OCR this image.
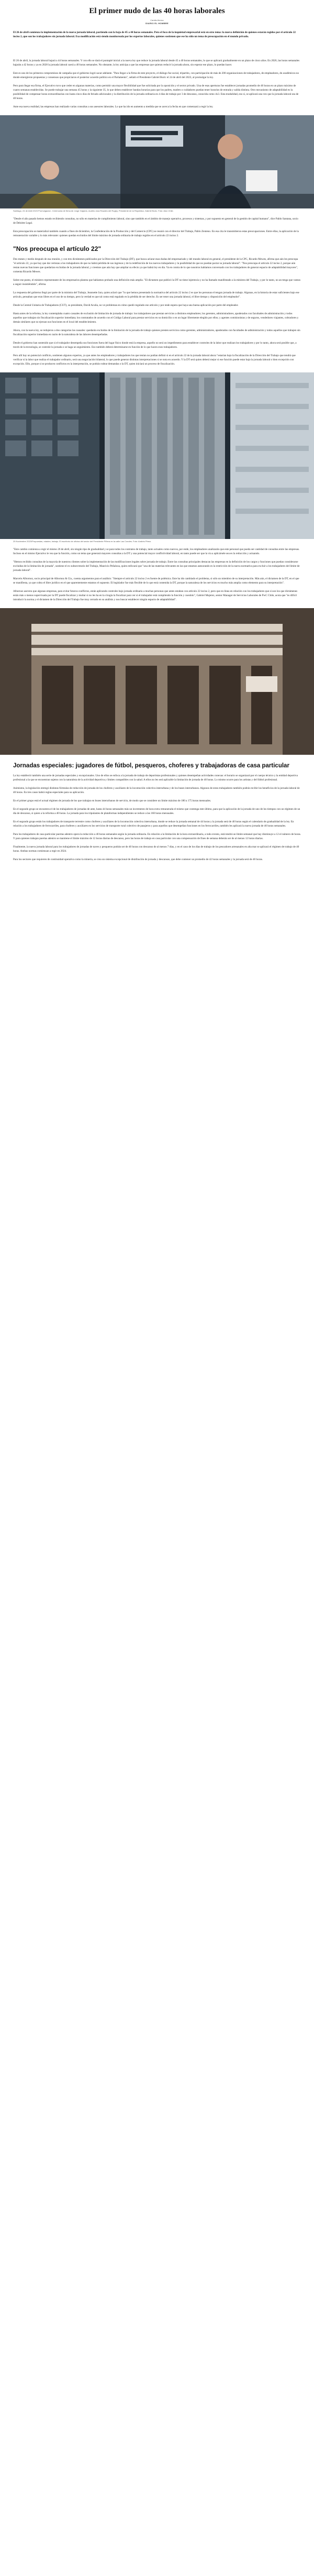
El primer nudo de las 40 horas laborales
Camila Alonso
DIARIO EL HOMBRE

El 26 de abril comienza la implementación de la nueva jornada laboral, partiendo con la baja de 45 a 44 horas semanales. Pero el foco de la inquietud empresarial está en otro tema: la nueva definición de quienes estarán regidos por el artículo 22 inciso 2, que son los trabajadores sin jornada laboral. Esa modificación está siendo monitoreada por los expertos laborales, quienes sostienen que ese ha sido un tema de preocupación en el mundo privado.

El 26 de abril, la jornada laboral bajará a 44 horas semanales. Y con ello se dará el puntapié inicial a la nueva ley que reduce la jornada laboral desde 45 a 40 horas semanales, lo que se aplicará gradualmente en un plazo de cinco años. En 2026, las horas semanales bajarán a 42 horas y ya en 2028 la jornada laboral caerá a 40 horas semanales. No obstante, la ley anticipa a que las empresas que quieran reducir la jornada ahora, sin esperar ese plazo, lo puedan hacer.

Este es uno de los primeros compromisos de campaña que el gobierno logró sacar adelante. "Para llegar a la firma de este proyecto, el diálogo fue social, tripartito, con participación de más de 200 organizaciones de trabajadores, de empleadores, de académicos no donde emergieron propuestas y consensos que propiciaron el posterior acuerdo político en el Parlamento", señaló el Presidente Gabriel Boric el 24 de abril del 2023, al promulgar la ley.

Pero para llegar esa firma, el Ejecutivo tuvo que ceder en algunas materias, como permitir una mayor flexibilidad que fue solicitada por la oposición y el sector privado. Una de esas aperturas fue establecer jornadas promedio de 40 horas en un plazo máximo de cuatro semanas establecidas. Se puede trabajar una semana 45 horas y la siguiente 35, lo que deben establecer bandas horarias para que los padres, madres o cuidadores puedan tener horarios de entrada y salida distinta. Otro mecanismo de adaptabilidad es la posibilidad de compensar horas extraordinarias con hasta cinco días de feriado adicionales y la distribución de la jornada ordinaria en 4 días de trabajo por 3 de descanso, conocida como 4x3. Esta modalidad, eso sí, se aplicará una vez que la jornada laboral sea de 40 horas.

Ante esa nueva realidad, las empresas han realizado varias consultas a sus asesores laborales. Lo que ha ido en aumento a medida que se acerca la fecha en que comenzará a regir la ley.

Santiago, 24 de Abril 2023 Promulgacion. Ceremonia de firma de Jorge Gajardo, Aurelio Jara Rosales del Rugby, Presidente de la República, Gabriel Boric. Foto: Aton Chile.

"Desde el año pasado hemos estado recibiendo consultas, no sólo en materias de cumplimiento laboral, sino que también en el ámbito de manejo operativo, procesos y sistemas, y por supuesto en general de la gestión de capital humano", dice Pablo Santana, socio de Deloitte Legal.

Esta preocupación se materializó también cuando a fines de diciembre, la Confederación de la Producción y del Comercio (CPC) se reunió con el director del Trabajo, Pablo Zenteno. En esa cita le transmitieron estas preocupaciones. Entre ellas, la aplicación de la remuneración variable y lo más relevante: quienes quedan excluidos del límite máximo de jornada ordinaria de trabajo regidos en el artículo 22 inciso 2.

"Nos preocupa el artículo 22"

Dos meses y medio después de esa reunión, y con tres dictámenes publicados por la Dirección del Trabajo (DT), que busca aclarar esas dudas del empresariado y del mundo laboral en general, el presidente de la CPC, Ricardo Mewes, afirma que aún les preocupa "el artículo 22, ya que hay que dar certezas a los trabajadores de que no habrá pérdida de sus ingresos y de la redefinición de los nuevos trabajadores y la posibilidad de que no puedan pactar su jornada laboral". "Nos preocupa el artículo 22 inciso 2, porque aún restan nuevas funciones que quedarían excluidas de la jornada laboral, y creemos que aún hay que ampliar su efecto ya que habrá ley en día. Va en contra de lo que nosotros habíamos conversado con los trabajadores de generar espacio de adaptabilidad mayores", comenta Ricardo Mewes.

Sobre ese punto, el ministro representante de los empresarios plantea que habíamos probado una definición más amplia. "El dictamen que publicó la DT no tiene injerencia y no ha llamado manifestado a la ministra del Trabajo, y por lo tanto, no an tenga que vamos a seguir insistiéndole", afirma.

La respuesta del gobierno llegó por parte de la ministra del Trabajo, Jeannette Jara, quien aclaró que "lo que hemos presentado la normativa del artículo 22 inciso 2 es que los personas el tengan jornada de trabajo. Algunas, en la historia de estar suficientes bajo ese artículo, pensaban que eran libres en el uso de su tiempo, pero la verdad es que tal como está regulado es la pérdida de ser derecho. Es ser tener una jornada laboral, el libre tiempo y disposición del empleador".

Desde la Central Unitaria de Trabajadores (CUT), su presidente, David Acuña, no ve problemas en cómo quedó regulado ese artículo y por ende espera que haya una buena aplicación por parte del empleador.

Hasta antes de la reforma, la ley contemplaba cuatro casuales de exclusión de limitación de jornada de trabajo: los trabajadores que prestan servicios a distintos empleadores; los gerentes, administradores, apoderados con facultades de administración y todos aquellos que trabajan sin fiscalización superior inmediata; los contratados de acuerdo con el Código Laboral para prestar servicios en su domicilio o en un lugar libremente elegido por ellos; y agentes comisionistas y de seguros, vendedores viajantes, cobradores y demás similares que no ejerzan sus funciones en el local del establecimiento.

Ahora, con la nueva ley, se redujeron a dos categorías las causales: quedarán excluidos de la limitación de la jornada de trabajo quienes presten servicios como gerentes, administradores, apoderados con facultades de administración y todos aquellos que trabajen sin fiscalización superior inmediata en razón de la naturaleza de las labores desempeñadas.

Desde el gobierno han sostenido que si el trabajador desempeña sus funciones fuera del lugar físico donde está la empresa, aquello no será un impedimento para establecer controles de la labor que realizan los trabajadores y por lo tanto, ahora será posible que, a través de la tecnología, se controle la jornada o se haga un seguimiento. Eso también deberá determinarse en función de lo que hacen esos trabajadores.

Pero allí hay un potencial conflicto, sostienen algunos expertos, ya que antes los empleadores y trabajadores los que tenían no podían definir si en el artículo 22 de la jornada laboral ahora "estarían bajo la fiscalización de la Dirección del Trabajo que tendrá que verificar si la labor que realiza el trabajador ordinario, será una negociación bilateral, lo que puede generar distintas interpretaciones si se nota en acuerdo. Y la DT será quien deberá mejor si ese función puede estar bajo la jornada laboral o bien excepción con excepción. Ello, porque si se producen conflictos en la interpretación, se podrán rodear demandas o la DT, quien iniciará un proceso de fiscalización.

25 Noviembre 2023/Propuestas, edades, trabajo. El escritorio de oficina del sector del Presidente Piñera en la calle Las Condes. Foto: Andrés Pérez.

"Este cambio comienza a regir el mismo 26 de abril, sin ningún tipo de gradualidad y se para todos los contratos de trabajo, tanto actuales como nuevos, por ende, los empleadores analizarán que este personal que pueda ser cantidad de consultas entre las empresas. Incluso en el mismo Ejecutivo le vea que la función, como un tema que generará mayores consultas a la DT y una potencial mayor conflictividad laboral, en tanto puede ser que la vía a aplicársele sea es la reducción y actuando.

"Hemos recibido consultas de la mayoría de nuestros clientes sobre la implementación de las modificaciones legales sobre jornada de trabajo. Entre las consultas principales destacan las empresas en la definición de los cargos y funciones que puedan considerarse excluidas de la limitación de jornada", sostiene el ex subsecretario del Trabajo, Mauricio Peñaloza, quien enfocará que "una de las materias relevantes en las que estamos asesorando es la restricción de la nueva normativa para excluir a los trabajadores del límite de jornada laboral".

Marcelo Albornoz, socio principal de Albornoz & Cía., cuenta argumentos para el análisis: "Siempre el artículo 22 inciso 2 es fuente de polémica. Este ha ido cambiado el problema, si sólo un miembro de su interpretación. Más aún, el dictamen de la DT, en el que se manifiesta, ya que cobra el libre jurídico en el que aparentemente estamos el supuesto. El legislador fue más flexible de lo que está contenida la DT, porque la naturaleza de los servicios es mucho más amplia como elemento para su interpretación".

Albornoz asevera que algunas empresas, para evitar futuros conflictos, están aplicando controles bajo jornada ordinaria a muchas personas que antes estaban con artículo 22 inciso 2, pero que en línea en relación con los trabajadores que sí son los que dictámenes están más o menos supervisada por la DT puede fiscalizar y multar si no les ha en la cirugía la fiscalizar para ver si el trabajador está cumpliendo la función y cuestión", Gabriel Mujerez, senior Manager de Servicios Laborales de PwC Chile, acota que "es difícil introducir la norma y el dictamen de la Dirección del Trabajo fue muy cerrado en su análisis y nos buscar establecer ningún espacio de adaptabilidad".

Jornadas especiales: jugadores de fútbol, pesqueros, choferes y trabajadoras de casa particular

La ley estableció también una serie de jornadas especiales y excepcionales. Uno de ellos se enfoca a la jornada de trabajo de deportistas profesionales y quienes desempeñan actividades conexas: el horario se organizará por el cuerpo técnico y la entidad deportiva profesional a la que se encuentran sujetos con la naturaleza de la actividad deportiva y límites compatibles con la salud. A ellos no les será aplicable la limitación de jornada de 40 horas. Lo mismo ocurre para los artistas y del fútbol profesional.

Asimismo, la legislación entregó distintas fórmulas de reducción de jornada de los choferes y auxiliares de la locomoción colectiva interurbana y de los buses interurbanos. Algunos de estos trabajadores también podrán recibir los beneficios de la jornada laboral de 40 horas. En tres casos habrá reglas especiales para su aplicación.

En el primer grupo está el actual régimen de jornada de los que trabajan en buses interurbanos de servicio, de modo que se considere un límite máximo de 180 a 175 horas mensuales.

En el segundo grupo se encuentra el de los trabajadores de jornadas de ante, hasta 44 horas semanales más un incremento de hora extra remunerada el mismo que contenga este último, para que la aplicación de la jornada de uno de los tiempos con un régimen de un día de descanso, si quien a la reforma a 40 horas. La jornada para los tripulantes de plataformas independientes se reduce a las 160 horas mensuales.

En el segundo grupo están los trabajadores de transporte terrestre como choferes y auxiliares de la locomoción colectiva interurbana, donde se reduce la jornada semanal de 44 horas y la jornada será de 40 horas según el calendario de gradualidad de la ley. En relación a los trabajadores de ferrocarriles, para choferes y auxiliares en los servicios de transporte rural colectivo de pasajeros y para aquellos que desempeñan funciones en los ferrocarriles, también les aplicará la nueva jornada de 40 horas semanales.

Para los trabajadores de casa particular puertas adentro opera la reducción a 40 horas semanales según la jornada ordinaria. En relación a la limitación de la hora extraordinaria, a todo evento, está tendrá un límite semanal que hay disminuye a 12 el número de horas. Y para quienes trabajan puertas adentro se mantiene el límite máximo de 12 horas diarias de descanso, pero las horas de trabajo en casa particular con una compensación de fines de semana deberán ser de al menos 12 horas diarias.

Finalmente, la nueva jornada laboral para los trabajadores de jornadas de naves y pesqueros podrán ser de 40 horas con descanso de al menos 7 días, y en el caso de los días de trabajo de los pescadores artesanales en alta mar se aplicará el régimen de trabajo de 40 horas. Ambas normas comienzan a regir en 2024.

Para los sectores que requieren de continuidad operativa como la minería, se crea un sistema excepcional de distribución de jornada y descansos, que debe contener un promedio de 42 horas semanales y la jornada será de 40 horas.
